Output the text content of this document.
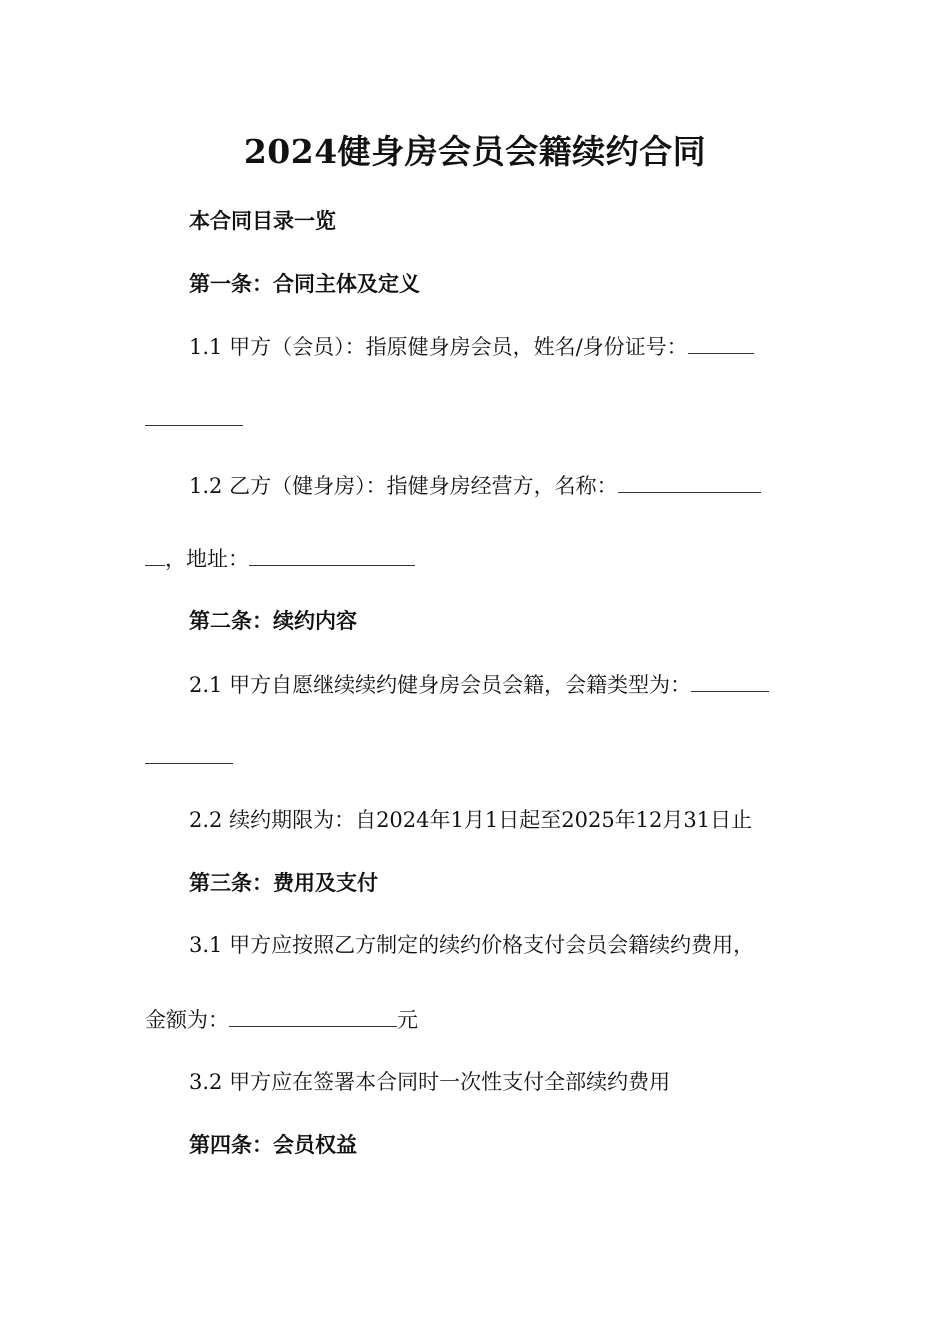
2024健身房会员会籍续约合同
本合同目录一览
第一条：合同主体及定义
1.1 甲方（会员）：指原健身房会员，姓名/身份证号：
1.2 乙方（健身房）：指健身房经营方，名称：
，地址：
第二条：续约内容
2.1 甲方自愿继续续约健身房会员会籍，会籍类型为：
2.2 续约期限为：自2024年1月1日起至2025年12月31日止
第三条：费用及支付
3.1 甲方应按照乙方制定的续约价格支付会员会籍续约费用，
金额为：	元
3.2 甲方应在签署本合同时一次性支付全部续约费用
第四条：会员权益
